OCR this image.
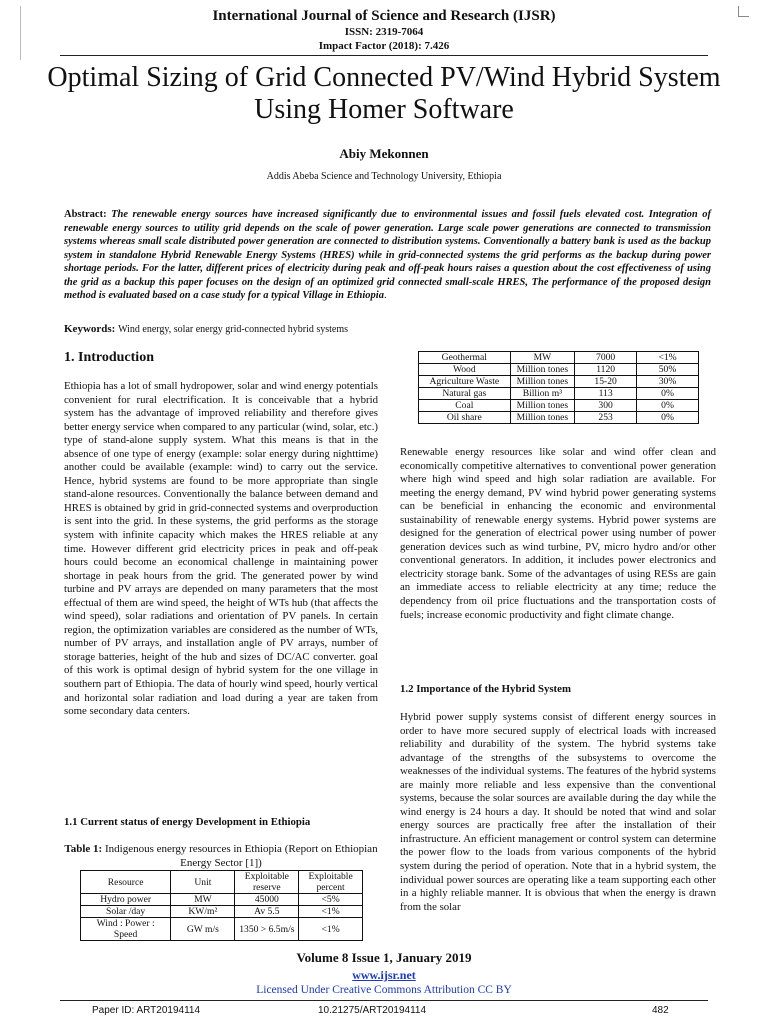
International Journal of Science and Research (IJSR)
ISSN: 2319-7064
Impact Factor (2018): 7.426
Optimal Sizing of Grid Connected PV/Wind Hybrid System Using Homer Software
Abiy Mekonnen
Addis Abeba Science and Technology University, Ethiopia
Abstract: The renewable energy sources have increased significantly due to environmental issues and fossil fuels elevated cost. Integration of renewable energy sources to utility grid depends on the scale of power generation. Large scale power generations are connected to transmission systems whereas small scale distributed power generation are connected to distribution systems. Conventionally a battery bank is used as the backup system in standalone Hybrid Renewable Energy Systems (HRES) while in grid-connected systems the grid performs as the backup during power shortage periods. For the latter, different prices of electricity during peak and off-peak hours raises a question about the cost effectiveness of using the grid as a backup this paper focuses on the design of an optimized grid connected small-scale HRES, The performance of the proposed design method is evaluated based on a case study for a typical Village in Ethiopia.
Keywords: Wind energy, solar energy grid-connected hybrid systems
1. Introduction
Ethiopia has a lot of small hydropower, solar and wind energy potentials convenient for rural electrification. It is conceivable that a hybrid system has the advantage of improved reliability and therefore gives better energy service when compared to any particular (wind, solar, etc.) type of stand-alone supply system. What this means is that in the absence of one type of energy (example: solar energy during nighttime) another could be available (example: wind) to carry out the service. Hence, hybrid systems are found to be more appropriate than single stand-alone resources. Conventionally the balance between demand and HRES is obtained by grid in grid-connected systems and overproduction is sent into the grid. In these systems, the grid performs as the storage system with infinite capacity which makes the HRES reliable at any time. However different grid electricity prices in peak and off-peak hours could become an economical challenge in maintaining power shortage in peak hours from the grid. The generated power by wind turbine and PV arrays are depended on many parameters that the most effectual of them are wind speed, the height of WTs hub (that affects the wind speed), solar radiations and orientation of PV panels. In certain region, the optimization variables are considered as the number of WTs, number of PV arrays, and installation angle of PV arrays, number of storage batteries, height of the hub and sizes of DC/AC converter. goal of this work is optimal design of hybrid system for the one village in southern part of Ethiopia. The data of hourly wind speed, hourly vertical and horizontal solar radiation and load during a year are taken from some secondary data centers.
1.1 Current status of energy Development in Ethiopia
Table 1: Indigenous energy resources in Ethiopia (Report on Ethiopian Energy Sector [1])
Resource	Unit	Exploitable reserve	Exploitable percent
Hydro power	MW	45000	<5%
Solar /day	KW/m²	Av 5.5	<1%
Wind : Power : Speed	GW m/s	1350 > 6.5m/s	<1%
Geothermal	MW	7000	<1%
Wood	Million tones	1120	50%
Agriculture Waste	Million tones	15-20	30%
Natural gas	Billion m³	113	0%
Coal	Million tones	300	0%
Oil share	Million tones	253	0%
Renewable energy resources like solar and wind offer clean and economically competitive alternatives to conventional power generation where high wind speed and high solar radiation are available. For meeting the energy demand, PV wind hybrid power generating systems can be beneficial in enhancing the economic and environmental sustainability of renewable energy systems. Hybrid power systems are designed for the generation of electrical power using number of power generation devices such as wind turbine, PV, micro hydro and/or other conventional generators. In addition, it includes power electronics and electricity storage bank. Some of the advantages of using RESs are gain an immediate access to reliable electricity at any time; reduce the dependency from oil price fluctuations and the transportation costs of fuels; increase economic productivity and fight climate change.
1.2 Importance of the Hybrid System
Hybrid power supply systems consist of different energy sources in order to have more secured supply of electrical loads with increased reliability and durability of the system. The hybrid systems take advantage of the strengths of the subsystems to overcome the weaknesses of the individual systems. The features of the hybrid systems are mainly more reliable and less expensive than the conventional systems, because the solar sources are available during the day while the wind energy is 24 hours a day. It should be noted that wind and solar energy sources are practically free after the installation of their infrastructure. An efficient management or control system can determine the power flow to the loads from various components of the hybrid system during the period of operation. Note that in a hybrid system, the individual power sources are operating like a team supporting each other in a highly reliable manner. It is obvious that when the energy is drawn from the solar
Volume 8 Issue 1, January 2019
www.ijsr.net
Licensed Under Creative Commons Attribution CC BY
Paper ID: ART20194114	10.21275/ART20194114	482
